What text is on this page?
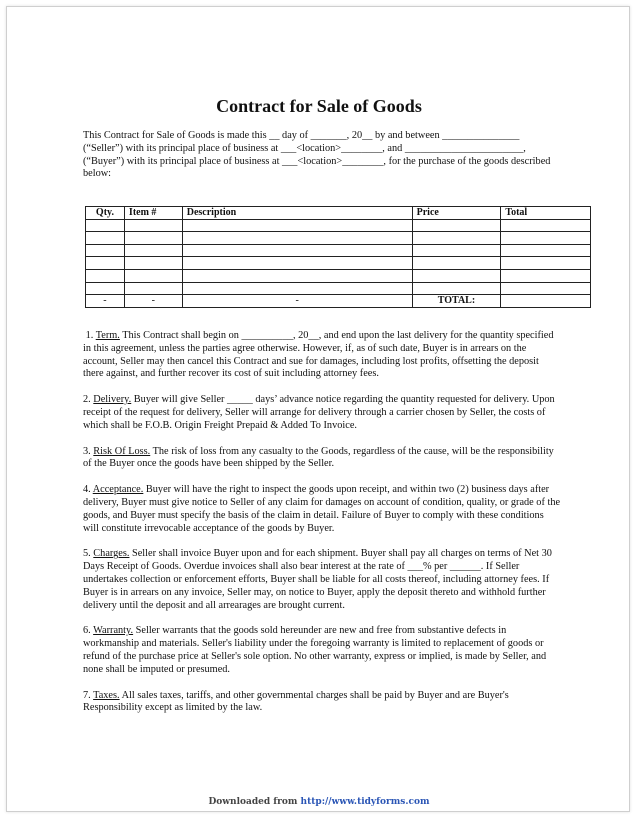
Contract for Sale of Goods
This Contract for Sale of Goods is made this __ day of _______, 20__ by and between _______________ (“Seller”) with its principal place of business at ___<location>________, and _______________________, (“Buyer”) with its principal place of business at ___<location>________, for the purchase of the goods described below:
Qty.	Item #	Description	Price	Total

-	-	-	TOTAL:	

1. Term. This Contract shall begin on __________, 20__, and end upon the last delivery for the quantity specified in this agreement, unless the parties agree otherwise. However, if, as of such date, Buyer is in arrears on the account, Seller may then cancel this Contract and sue for damages, including lost profits, offsetting the deposit there against, and further recover its cost of suit including attorney fees.

2. Delivery. Buyer will give Seller _____ days’ advance notice regarding the quantity requested for delivery. Upon receipt of the request for delivery, Seller will arrange for delivery through a carrier chosen by Seller, the costs of which shall be F.O.B. Origin Freight Prepaid & Added To Invoice.

3. Risk Of Loss. The risk of loss from any casualty to the Goods, regardless of the cause, will be the responsibility of the Buyer once the goods have been shipped by the Seller.

4. Acceptance. Buyer will have the right to inspect the goods upon receipt, and within two (2) business days after delivery, Buyer must give notice to Seller of any claim for damages on account of condition, quality, or grade of the goods, and Buyer must specify the basis of the claim in detail. Failure of Buyer to comply with these conditions will constitute irrevocable acceptance of the goods by Buyer.

5. Charges. Seller shall invoice Buyer upon and for each shipment. Buyer shall pay all charges on terms of Net 30 Days Receipt of Goods. Overdue invoices shall also bear interest at the rate of ___% per ______. If Seller undertakes collection or enforcement efforts, Buyer shall be liable for all costs thereof, including attorney fees. If Buyer is in arrears on any invoice, Seller may, on notice to Buyer, apply the deposit thereto and withhold further delivery until the deposit and all arrearages are brought current.

6. Warranty. Seller warrants that the goods sold hereunder are new and free from substantive defects in workmanship and materials. Seller's liability under the foregoing warranty is limited to replacement of goods or refund of the purchase price at Seller's sole option. No other warranty, express or implied, is made by Seller, and none shall be imputed or presumed.

7. Taxes. All sales taxes, tariffs, and other governmental charges shall be paid by Buyer and are Buyer's Responsibility except as limited by the law.

Downloaded from http://www.tidyforms.com
